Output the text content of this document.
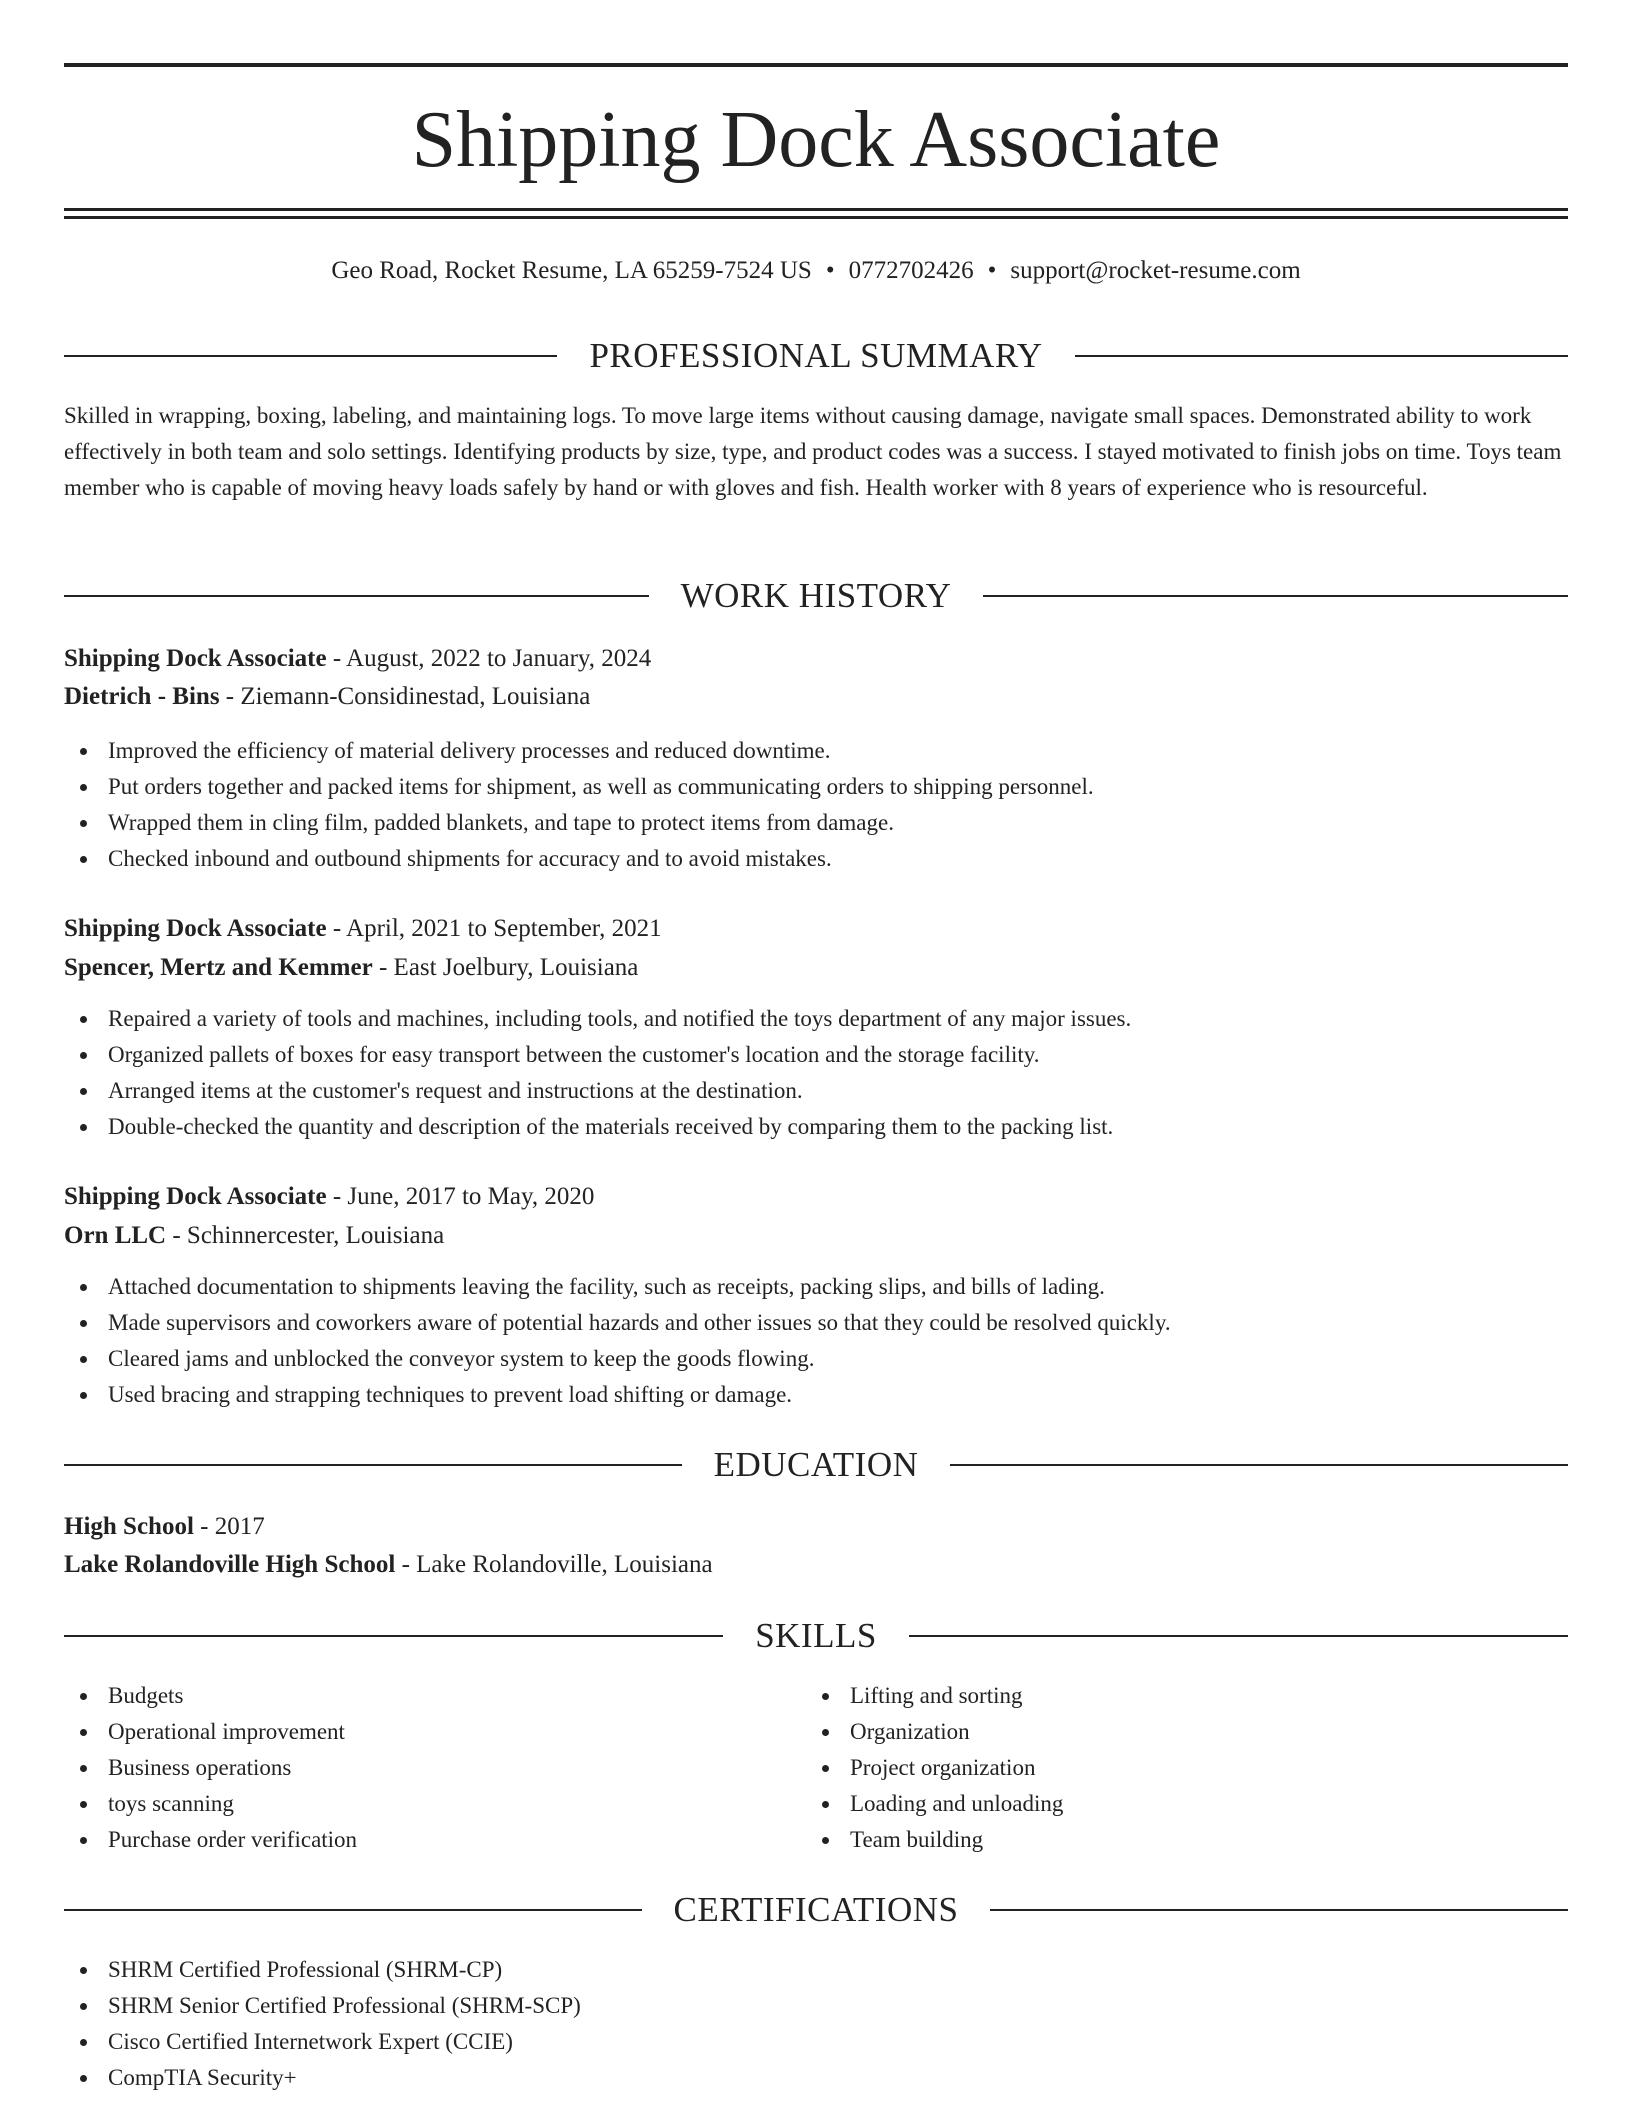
Shipping Dock Associate
Geo Road, Rocket Resume, LA 65259-7524 US • 0772702426 • support@rocket-resume.com
PROFESSIONAL SUMMARY

Skilled in wrapping, boxing, labeling, and maintaining logs. To move large items without causing damage, navigate small spaces. Demonstrated ability to work effectively in both team and solo settings. Identifying products by size, type, and product codes was a success. I stayed motivated to finish jobs on time. Toys team member who is capable of moving heavy loads safely by hand or with gloves and fish. Health worker with 8 years of experience who is resourceful.

WORK HISTORY
Shipping Dock Associate - August, 2022 to January, 2024
Dietrich - Bins - Ziemann-Considinestad, Louisiana
Improved the efficiency of material delivery processes and reduced downtime.
Put orders together and packed items for shipment, as well as communicating orders to shipping personnel.
Wrapped them in cling film, padded blankets, and tape to protect items from damage.
Checked inbound and outbound shipments for accuracy and to avoid mistakes.
Shipping Dock Associate - April, 2021 to September, 2021
Spencer, Mertz and Kemmer - East Joelbury, Louisiana
Repaired a variety of tools and machines, including tools, and notified the toys department of any major issues.
Organized pallets of boxes for easy transport between the customer's location and the storage facility.
Arranged items at the customer's request and instructions at the destination.
Double-checked the quantity and description of the materials received by comparing them to the packing list.
Shipping Dock Associate - June, 2017 to May, 2020
Orn LLC - Schinnercester, Louisiana
Attached documentation to shipments leaving the facility, such as receipts, packing slips, and bills of lading.
Made supervisors and coworkers aware of potential hazards and other issues so that they could be resolved quickly.
Cleared jams and unblocked the conveyor system to keep the goods flowing.
Used bracing and strapping techniques to prevent load shifting or damage.
EDUCATION
High School - 2017
Lake Rolandoville High School - Lake Rolandoville, Louisiana
SKILLS
Budgets
Operational improvement
Business operations
toys scanning
Purchase order verification
Lifting and sorting
Organization
Project organization
Loading and unloading
Team building
CERTIFICATIONS
SHRM Certified Professional (SHRM-CP)
SHRM Senior Certified Professional (SHRM-SCP)
Cisco Certified Internetwork Expert (CCIE)
CompTIA Security+
